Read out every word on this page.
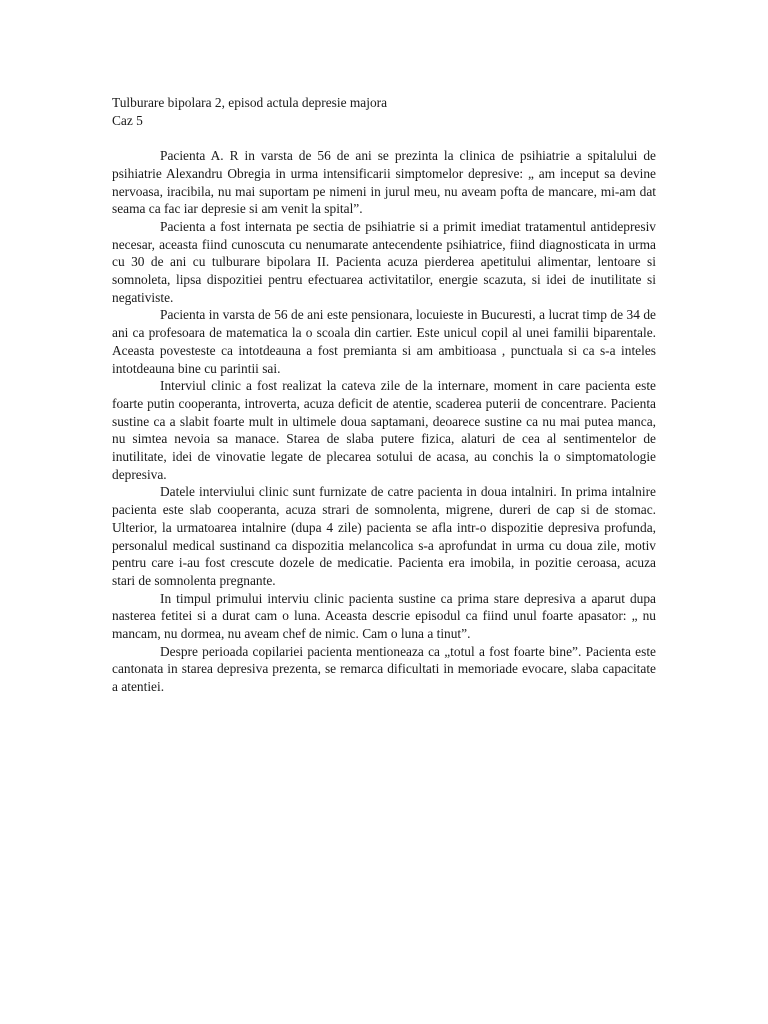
Tulburare bipolara 2, episod actula depresie majora

Caz 5

Pacienta A. R in varsta de 56 de ani se prezinta la clinica de psihiatrie a spitalului de psihiatrie Alexandru Obregia in urma intensificarii simptomelor depresive: „ am inceput sa devine nervoasa, iracibila, nu mai suportam pe nimeni in jurul meu, nu aveam pofta de mancare, mi-am dat seama ca fac iar depresie si am venit la spital”.

Pacienta a fost internata pe sectia de psihiatrie si a primit imediat tratamentul antidepresiv necesar, aceasta fiind cunoscuta cu nenumarate antecendente psihiatrice, fiind diagnosticata in urma cu 30 de ani cu tulburare bipolara II. Pacienta acuza pierderea apetitului alimentar, lentoare si somnoleta, lipsa dispozitiei pentru efectuarea activitatilor, energie scazuta, si idei de inutilitate si negativiste.

Pacienta in varsta de 56 de ani este pensionara, locuieste in Bucuresti, a lucrat timp de 34 de ani ca profesoara de matematica la o scoala din cartier. Este unicul copil al unei familii biparentale. Aceasta povesteste ca intotdeauna a fost premianta si am ambitioasa , punctuala si ca s-a inteles intotdeauna bine cu parintii sai.

Interviul clinic a fost realizat la cateva zile de la internare, moment in care pacienta este foarte putin cooperanta, introverta, acuza deficit de atentie, scaderea puterii de concentrare. Pacienta sustine ca a slabit foarte mult in ultimele doua saptamani, deoarece sustine ca nu mai putea manca, nu simtea nevoia sa manace. Starea de slaba putere fizica, alaturi de cea al sentimentelor de inutilitate, idei de vinovatie legate de plecarea sotului de acasa, au conchis la o simptomatologie depresiva.

Datele interviului clinic sunt furnizate de catre pacienta in doua intalniri. In prima intalnire pacienta este slab cooperanta, acuza strari de somnolenta, migrene, dureri de cap si de stomac. Ulterior, la urmatoarea intalnire (dupa 4 zile) pacienta se afla intr-o dispozitie depresiva profunda, personalul medical sustinand ca dispozitia melancolica s-a aprofundat in urma cu doua zile, motiv pentru care i-au fost crescute dozele de medicatie. Pacienta era imobila, in pozitie ceroasa, acuza stari de somnolenta pregnante.

In timpul primului interviu clinic pacienta sustine ca prima stare depresiva a aparut dupa nasterea fetitei si a durat cam o luna. Aceasta descrie episodul ca fiind unul foarte apasator: „ nu mancam, nu dormea, nu aveam chef de nimic. Cam o luna a tinut”.

Despre perioada copilariei pacienta mentioneaza ca „totul a fost foarte bine”. Pacienta este cantonata in starea depresiva prezenta, se remarca dificultati in memoriade evocare, slaba capacitate a atentiei.
